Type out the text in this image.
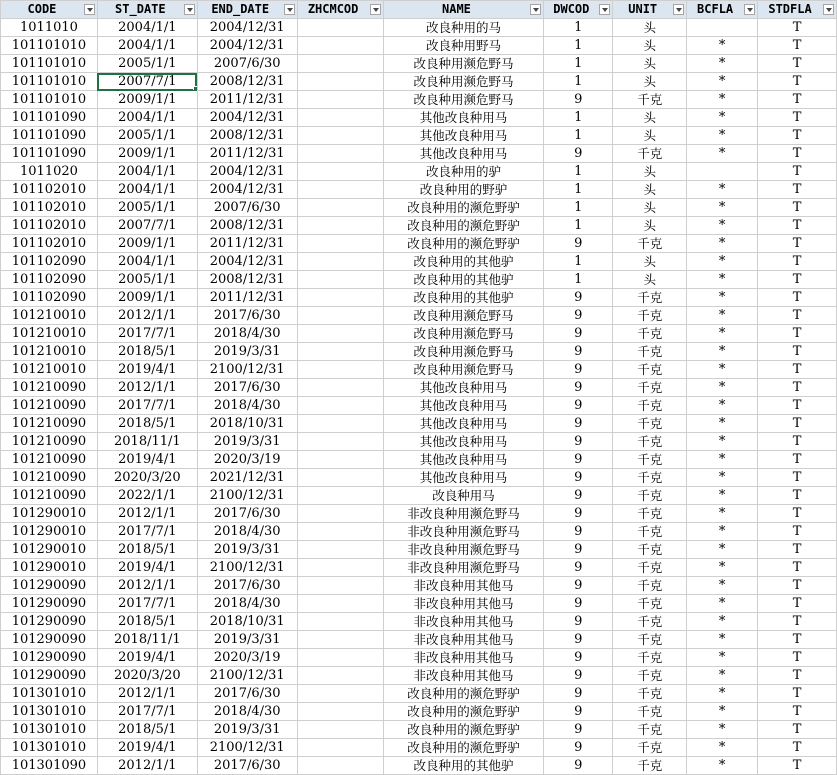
CODE	ST_DATE	END_DATE	ZHCMCOD	NAME	DWCOD	UNIT	BCFLA	STDFLA

1011010	2004/1/1	2004/12/31		改良种用的马	1	头		T
101101010	2004/1/1	2004/12/31		改良种用野马	1	头	*	T
101101010	2005/1/1	2007/6/30		改良种用濒危野马	1	头	*	T
101101010	2007/7/1	2008/12/31		改良种用濒危野马	1	头	*	T
101101010	2009/1/1	2011/12/31		改良种用濒危野马	9	千克	*	T
101101090	2004/1/1	2004/12/31		其他改良种用马	1	头	*	T
101101090	2005/1/1	2008/12/31		其他改良种用马	1	头	*	T
101101090	2009/1/1	2011/12/31		其他改良种用马	9	千克	*	T
1011020	2004/1/1	2004/12/31		改良种用的驴	1	头		T
101102010	2004/1/1	2004/12/31		改良种用的野驴	1	头	*	T
101102010	2005/1/1	2007/6/30		改良种用的濒危野驴	1	头	*	T
101102010	2007/7/1	2008/12/31		改良种用的濒危野驴	1	头	*	T
101102010	2009/1/1	2011/12/31		改良种用的濒危野驴	9	千克	*	T
101102090	2004/1/1	2004/12/31		改良种用的其他驴	1	头	*	T
101102090	2005/1/1	2008/12/31		改良种用的其他驴	1	头	*	T
101102090	2009/1/1	2011/12/31		改良种用的其他驴	9	千克	*	T
101210010	2012/1/1	2017/6/30		改良种用濒危野马	9	千克	*	T
101210010	2017/7/1	2018/4/30		改良种用濒危野马	9	千克	*	T
101210010	2018/5/1	2019/3/31		改良种用濒危野马	9	千克	*	T
101210010	2019/4/1	2100/12/31		改良种用濒危野马	9	千克	*	T
101210090	2012/1/1	2017/6/30		其他改良种用马	9	千克	*	T
101210090	2017/7/1	2018/4/30		其他改良种用马	9	千克	*	T
101210090	2018/5/1	2018/10/31		其他改良种用马	9	千克	*	T
101210090	2018/11/1	2019/3/31		其他改良种用马	9	千克	*	T
101210090	2019/4/1	2020/3/19		其他改良种用马	9	千克	*	T
101210090	2020/3/20	2021/12/31		其他改良种用马	9	千克	*	T
101210090	2022/1/1	2100/12/31		改良种用马	9	千克	*	T
101290010	2012/1/1	2017/6/30		非改良种用濒危野马	9	千克	*	T
101290010	2017/7/1	2018/4/30		非改良种用濒危野马	9	千克	*	T
101290010	2018/5/1	2019/3/31		非改良种用濒危野马	9	千克	*	T
101290010	2019/4/1	2100/12/31		非改良种用濒危野马	9	千克	*	T
101290090	2012/1/1	2017/6/30		非改良种用其他马	9	千克	*	T
101290090	2017/7/1	2018/4/30		非改良种用其他马	9	千克	*	T
101290090	2018/5/1	2018/10/31		非改良种用其他马	9	千克	*	T
101290090	2018/11/1	2019/3/31		非改良种用其他马	9	千克	*	T
101290090	2019/4/1	2020/3/19		非改良种用其他马	9	千克	*	T
101290090	2020/3/20	2100/12/31		非改良种用其他马	9	千克	*	T
101301010	2012/1/1	2017/6/30		改良种用的濒危野驴	9	千克	*	T
101301010	2017/7/1	2018/4/30		改良种用的濒危野驴	9	千克	*	T
101301010	2018/5/1	2019/3/31		改良种用的濒危野驴	9	千克	*	T
101301010	2019/4/1	2100/12/31		改良种用的濒危野驴	9	千克	*	T
101301090	2012/1/1	2017/6/30		改良种用的其他驴	9	千克	*	T
